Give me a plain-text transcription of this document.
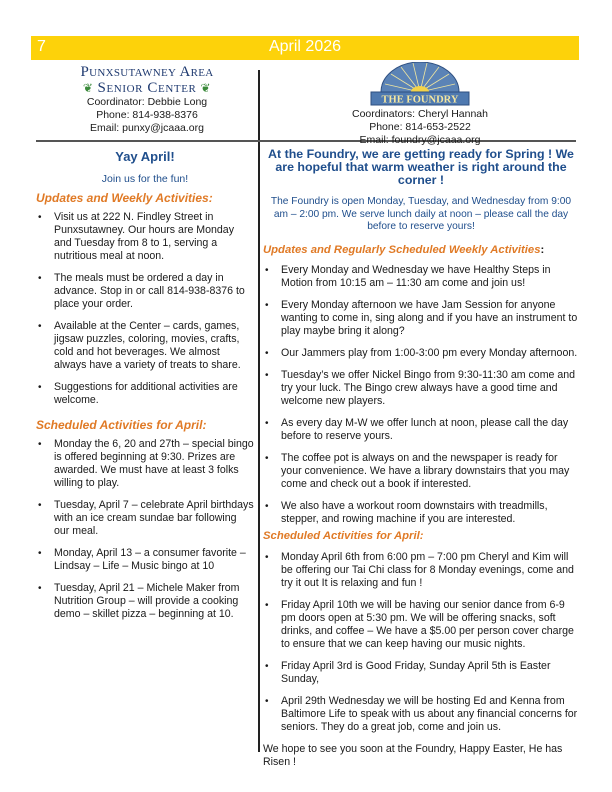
7	April 2026
Punxsutawney Area
❦ Senior Center ❦
Coordinator: Debbie Long
Phone: 814-938-8376
Email: punxy@jcaaa.org
THE FOUNDRY
Coordinators: Cheryl Hannah
Phone: 814-653-2522
Email: foundry@jcaaa.org
Yay April!
Join us for the fun!
Updates and Weekly Activities:
• Visit us at 222 N. Findley Street in Punxsutawney. Our hours are Monday and Tuesday from 8 to 1, serving a nutritious meal at noon.
• The meals must be ordered a day in advance. Stop in or call 814-938-8376 to place your order.
• Available at the Center – cards, games, jigsaw puzzles, coloring, movies, crafts, cold and hot beverages. We almost always have a variety of treats to share.
• Suggestions for additional activities are welcome.
Scheduled Activities for April:
• Monday the 6, 20 and 27th – special bingo is offered beginning at 9:30. Prizes are awarded. We must have at least 3 folks willing to play.
• Tuesday, April 7 – celebrate April birthdays with an ice cream sundae bar following our meal.
• Monday, April 13 – a consumer favorite – Lindsay – Life – Music bingo at 10
• Tuesday, April 21 – Michele Maker from Nutrition Group – will provide a cooking demo – skillet pizza – beginning at 10.
At the Foundry, we are getting ready for Spring ! We are hopeful that warm weather is right around the corner !
The Foundry is open Monday, Tuesday, and Wednesday from 9:00 am – 2:00 pm. We serve lunch daily at noon – please call the day before to reserve yours!
Updates and Regularly Scheduled Weekly Activities:
• Every Monday and Wednesday we have Healthy Steps in Motion from 10:15 am – 11:30 am come and join us!
• Every Monday afternoon we have Jam Session for anyone wanting to come in, sing along and if you have an instrument to play maybe bring it along?
• Our Jammers play from 1:00-3:00 pm every Monday afternoon.
• Tuesday’s we offer Nickel Bingo from 9:30-11:30 am come and try your luck. The Bingo crew always have a good time and welcome new players.
• As every day M-W we offer lunch at noon, please call the day before to reserve yours.
• The coffee pot is always on and the newspaper is ready for your convenience. We have a library downstairs that you may come and check out a book if interested.
• We also have a workout room downstairs with treadmills, stepper, and rowing machine if you are interested.
Scheduled Activities for April:
• Monday April 6th from 6:00 pm – 7:00 pm Cheryl and Kim will be offering our Tai Chi class for 8 Monday evenings, come and try it out It is relaxing and fun !
• Friday April 10th we will be having our senior dance from 6-9 pm doors open at 5:30 pm. We will be offering snacks, soft drinks, and coffee – We have a $5.00 per person cover charge to ensure that we can keep having our music nights.
• Friday April 3rd is Good Friday, Sunday April 5th is Easter Sunday,
• April 29th Wednesday we will be hosting Ed and Kenna from Baltimore Life to speak with us about any financial concerns for seniors. They do a great job, come and join us.
We hope to see you soon at the Foundry, Happy Easter, He has Risen !
